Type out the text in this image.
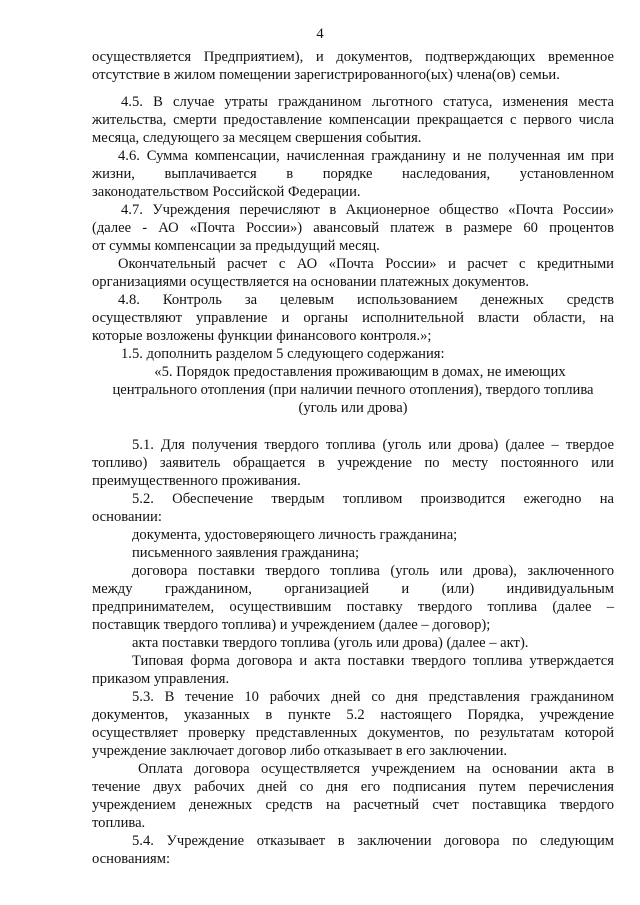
4
осуществляется Предприятием), и документов, подтверждающих временное
отсутствие в жилом помещении зарегистрированного(ых) члена(ов) семьи.
4.5. В случае утраты гражданином льготного статуса, изменения места
жительства, смерти предоставление компенсации прекращается с первого числа
месяца, следующего за месяцем свершения события.
4.6. Сумма компенсации, начисленная гражданину и не полученная им при
жизни, выплачивается в порядке наследования, установленном
законодательством Российской Федерации.
4.7. Учреждения перечисляют в Акционерное общество «Почта России»
(далее - АО «Почта России») авансовый платеж в размере 60 процентов
от суммы компенсации за предыдущий месяц.
Окончательный расчет с АО «Почта России» и расчет с кредитными
организациями осуществляется на основании платежных документов.
4.8. Контроль за целевым использованием денежных средств
осуществляют управление и органы исполнительной власти области, на
которые возложены функции финансового контроля.»;
1.5. дополнить разделом 5 следующего содержания:
«5. Порядок предоставления проживающим в домах, не имеющих
центрального отопления (при наличии печного отопления), твердого топлива
(уголь или дрова)
5.1. Для получения твердого топлива (уголь или дрова) (далее – твердое
топливо) заявитель обращается в учреждение по месту постоянного или
преимущественного проживания.
5.2. Обеспечение твердым топливом производится ежегодно на
основании:
документа, удостоверяющего личность гражданина;
письменного заявления гражданина;
договора поставки твердого топлива (уголь или дрова), заключенного
между гражданином, организацией и (или) индивидуальным
предпринимателем, осуществившим поставку твердого топлива (далее –
поставщик твердого топлива) и учреждением (далее – договор);
акта поставки твердого топлива (уголь или дрова) (далее – акт).
Типовая форма договора и акта поставки твердого топлива утверждается
приказом управления.
5.3. В течение 10 рабочих дней со дня представления гражданином
документов, указанных в пункте 5.2 настоящего Порядка, учреждение
осуществляет проверку представленных документов, по результатам которой
учреждение заключает договор либо отказывает в его заключении.
Оплата договора осуществляется учреждением на основании акта в
течение двух рабочих дней со дня его подписания путем перечисления
учреждением денежных средств на расчетный счет поставщика твердого
топлива.
5.4. Учреждение отказывает в заключении договора по следующим
основаниям:
